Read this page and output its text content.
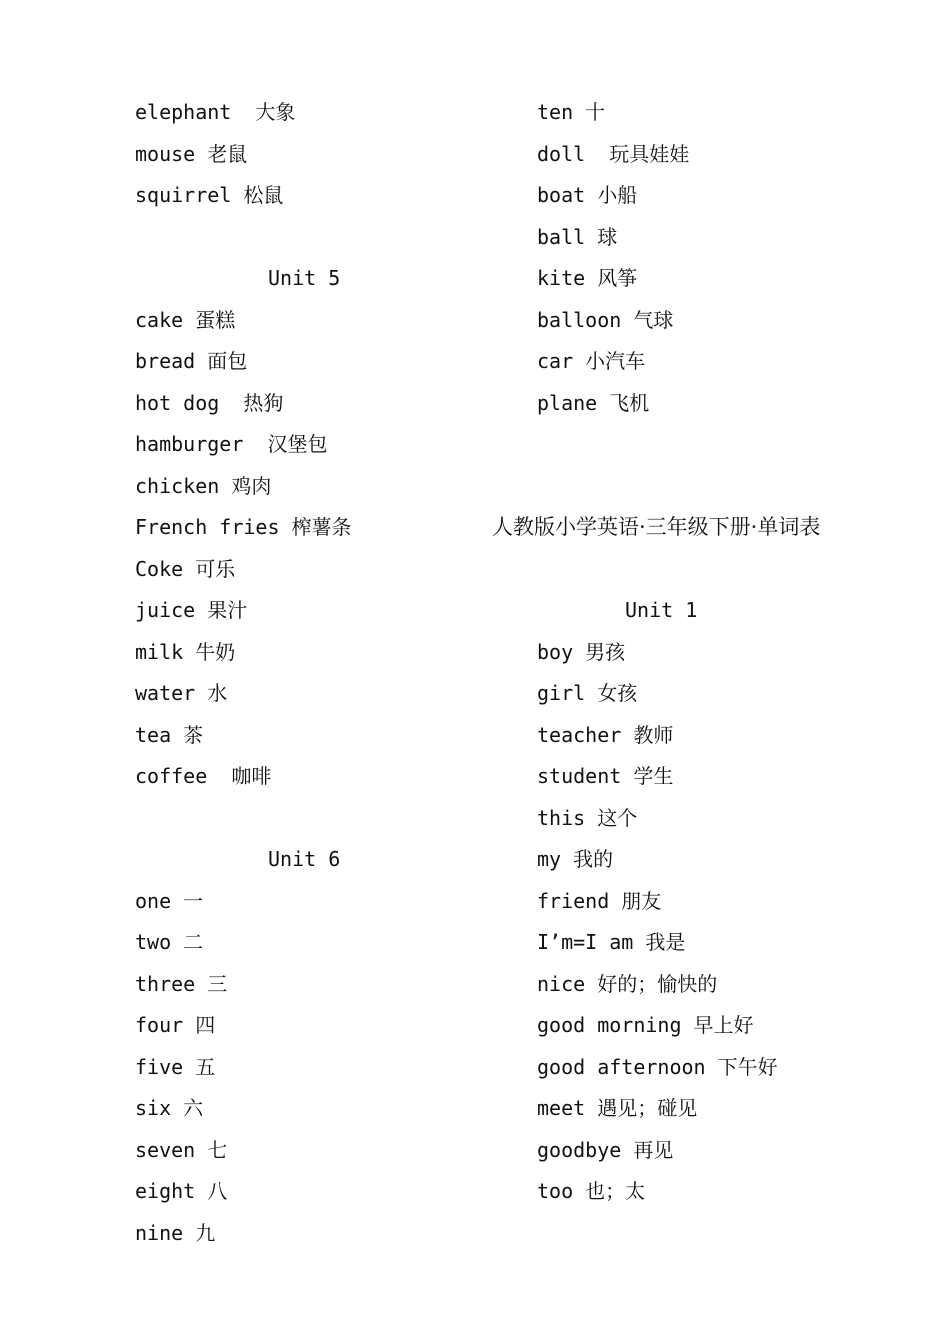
elephant  大象
mouse 老鼠
squirrel 松鼠
Unit 5
cake 蛋糕
bread 面包
hot dog  热狗
hamburger  汉堡包
chicken 鸡肉
French fries 榨薯条
Coke 可乐
juice 果汁
milk 牛奶
water 水
tea 茶
coffee  咖啡
Unit 6
one 一
two 二
three 三
four 四
five 五
six 六
seven 七
eight 八
nine 九
ten 十
doll  玩具娃娃
boat 小船
ball 球
kite 风筝
balloon 气球
car 小汽车
plane 飞机
人教版小学英语·三年级下册·单词表
Unit 1
boy 男孩
girl 女孩
teacher 教师
student 学生
this 这个
my 我的
friend 朋友
I’m=I am 我是
nice 好的；愉快的
good morning 早上好
good afternoon 下午好
meet 遇见；碰见
goodbye 再见
too 也；太
